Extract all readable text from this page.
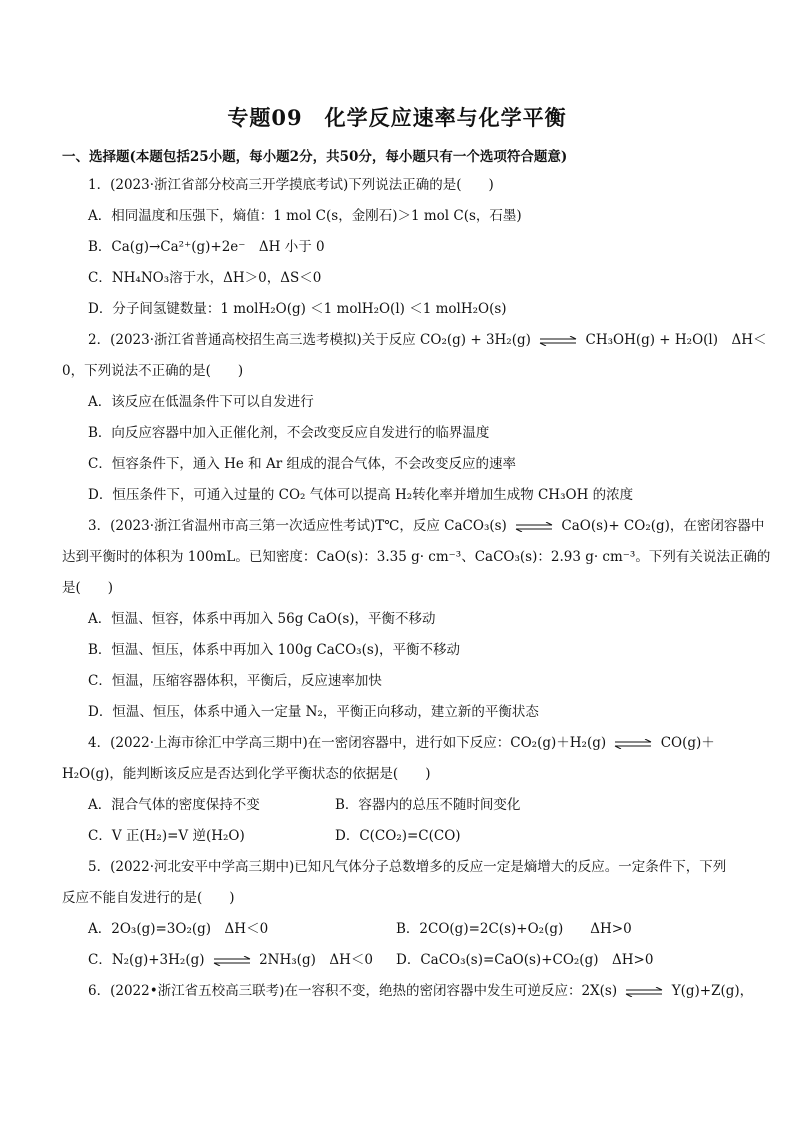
专题09　化学反应速率与化学平衡
一、选择题(本题包括25小题，每小题2分，共50分，每小题只有一个选项符合题意)
1．(2023·浙江省部分校高三开学摸底考试)下列说法正确的是(　　)
A．相同温度和压强下，熵值：1 mol C(s，金刚石)＞1 mol C(s，石墨)
B．Ca(g)→Ca²⁺(g)+2e⁻　ΔH 小于 0
C．NH₄NO₃溶于水，ΔH＞0，ΔS＜0
D．分子间氢键数量：1 molH₂O(g) ＜1 molH₂O(l) ＜1 molH₂O(s)
2．(2023·浙江省普通高校招生高三选考模拟)关于反应 CO₂(g) + 3H₂(g) ⇌ CH₃OH(g) + H₂O(l)　ΔH＜
0，下列说法不正确的是(　　)
A．该反应在低温条件下可以自发进行
B．向反应容器中加入正催化剂，不会改变反应自发进行的临界温度
C．恒容条件下，通入 He 和 Ar 组成的混合气体，不会改变反应的速率
D．恒压条件下，可通入过量的 CO₂ 气体可以提高 H₂转化率并增加生成物 CH₃OH 的浓度
3．(2023·浙江省温州市高三第一次适应性考试)T℃，反应 CaCO₃(s) ⇌ CaO(s)+ CO₂(g)，在密闭容器中
达到平衡时的体积为 100mL。已知密度：CaO(s)：3.35 g· cm⁻³、CaCO₃(s)：2.93 g· cm⁻³。下列有关说法正确的
是(　　)
A．恒温、恒容，体系中再加入 56g CaO(s)，平衡不移动
B．恒温、恒压，体系中再加入 100g CaCO₃(s)，平衡不移动
C．恒温，压缩容器体积，平衡后，反应速率加快
D．恒温、恒压，体系中通入一定量 N₂，平衡正向移动，建立新的平衡状态
4．(2022·上海市徐汇中学高三期中)在一密闭容器中，进行如下反应：CO₂(g)＋H₂(g) ⇌ CO(g)＋
H₂O(g)，能判断该反应是否达到化学平衡状态的依据是(　　)
A．混合气体的密度保持不变	B．容器内的总压不随时间变化
C．V 正(H₂)=V 逆(H₂O)	D．C(CO₂)=C(CO)
5．(2022·河北安平中学高三期中)已知凡气体分子总数增多的反应一定是熵增大的反应。一定条件下，下列
反应不能自发进行的是(　　)
A．2O₃(g)=3O₂(g)　ΔH＜0	B．2CO(g)=2C(s)+O₂(g)　　ΔH>0
C．N₂(g)+3H₂(g) ⇌ 2NH₃(g)　ΔH＜0 D．CaCO₃(s)=CaO(s)+CO₂(g)　ΔH>0
6．(2022•浙江省五校高三联考)在一容积不变，绝热的密闭容器中发生可逆反应：2X(s) ⇌ Y(g)+Z(g)，
